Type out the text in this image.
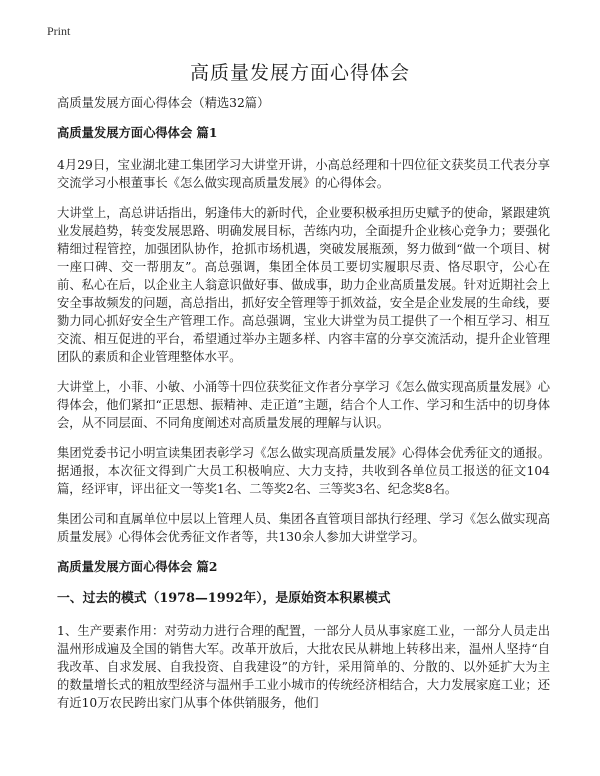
Print
高质量发展方面心得体会

高质量发展方面心得体会（精选32篇）

高质量发展方面心得体会 篇1

4月29日，宝业湖北建工集团学习大讲堂开讲，小高总经理和十四位征文获奖员工代表分享交流学习小根董事长《怎么做实现高质量发展》的心得体会。

大讲堂上，高总讲话指出，躬逢伟大的新时代，企业要积极承担历史赋予的使命，紧跟建筑业发展趋势，转变发展思路、明确发展目标，苦练内功，全面提升企业核心竞争力；要强化精细过程管控，加强团队协作，抢抓市场机遇，突破发展瓶颈，努力做到“做一个项目、树一座口碑、交一帮朋友”。高总强调，集团全体员工要切实履职尽责、恪尽职守，公心在前、私心在后，以企业主人翁意识做好事、做成事，助力企业高质量发展。针对近期社会上安全事故频发的问题，高总指出，抓好安全管理等于抓效益，安全是企业发展的生命线，要勠力同心抓好安全生产管理工作。高总强调，宝业大讲堂为员工提供了一个相互学习、相互交流、相互促进的平台，希望通过举办主题多样、内容丰富的分享交流活动，提升企业管理团队的素质和企业管理整体水平。

大讲堂上，小菲、小敏、小涌等十四位获奖征文作者分享学习《怎么做实现高质量发展》心得体会，他们紧扣“正思想、振精神、走正道”主题，结合个人工作、学习和生活中的切身体会，从不同层面、不同角度阐述对高质量发展的理解与认识。

集团党委书记小明宣读集团表彰学习《怎么做实现高质量发展》心得体会优秀征文的通报。据通报，本次征文得到广大员工积极响应、大力支持，共收到各单位员工报送的征文104篇，经评审，评出征文一等奖1名、二等奖2名、三等奖3名、纪念奖8名。

集团公司和直属单位中层以上管理人员、集团各直管项目部执行经理、学习《怎么做实现高质量发展》心得体会优秀征文作者等，共130余人参加大讲堂学习。

高质量发展方面心得体会 篇2

一、过去的模式（1978—1992年），是原始资本积累模式

1、生产要素作用：对劳动力进行合理的配置，一部分人员从事家庭工业，一部分人员走出温州形成遍及全国的销售大军。改革开放后，大批农民从耕地上转移出来，温州人坚持“自我改革、自求发展、自我投资、自我建设”的方针，采用简单的、分散的、以外延扩大为主的数量增长式的粗放型经济与温州手工业小城市的传统经济相结合，大力发展家庭工业；还有近10万农民跨出家门从事个体供销服务，他们
